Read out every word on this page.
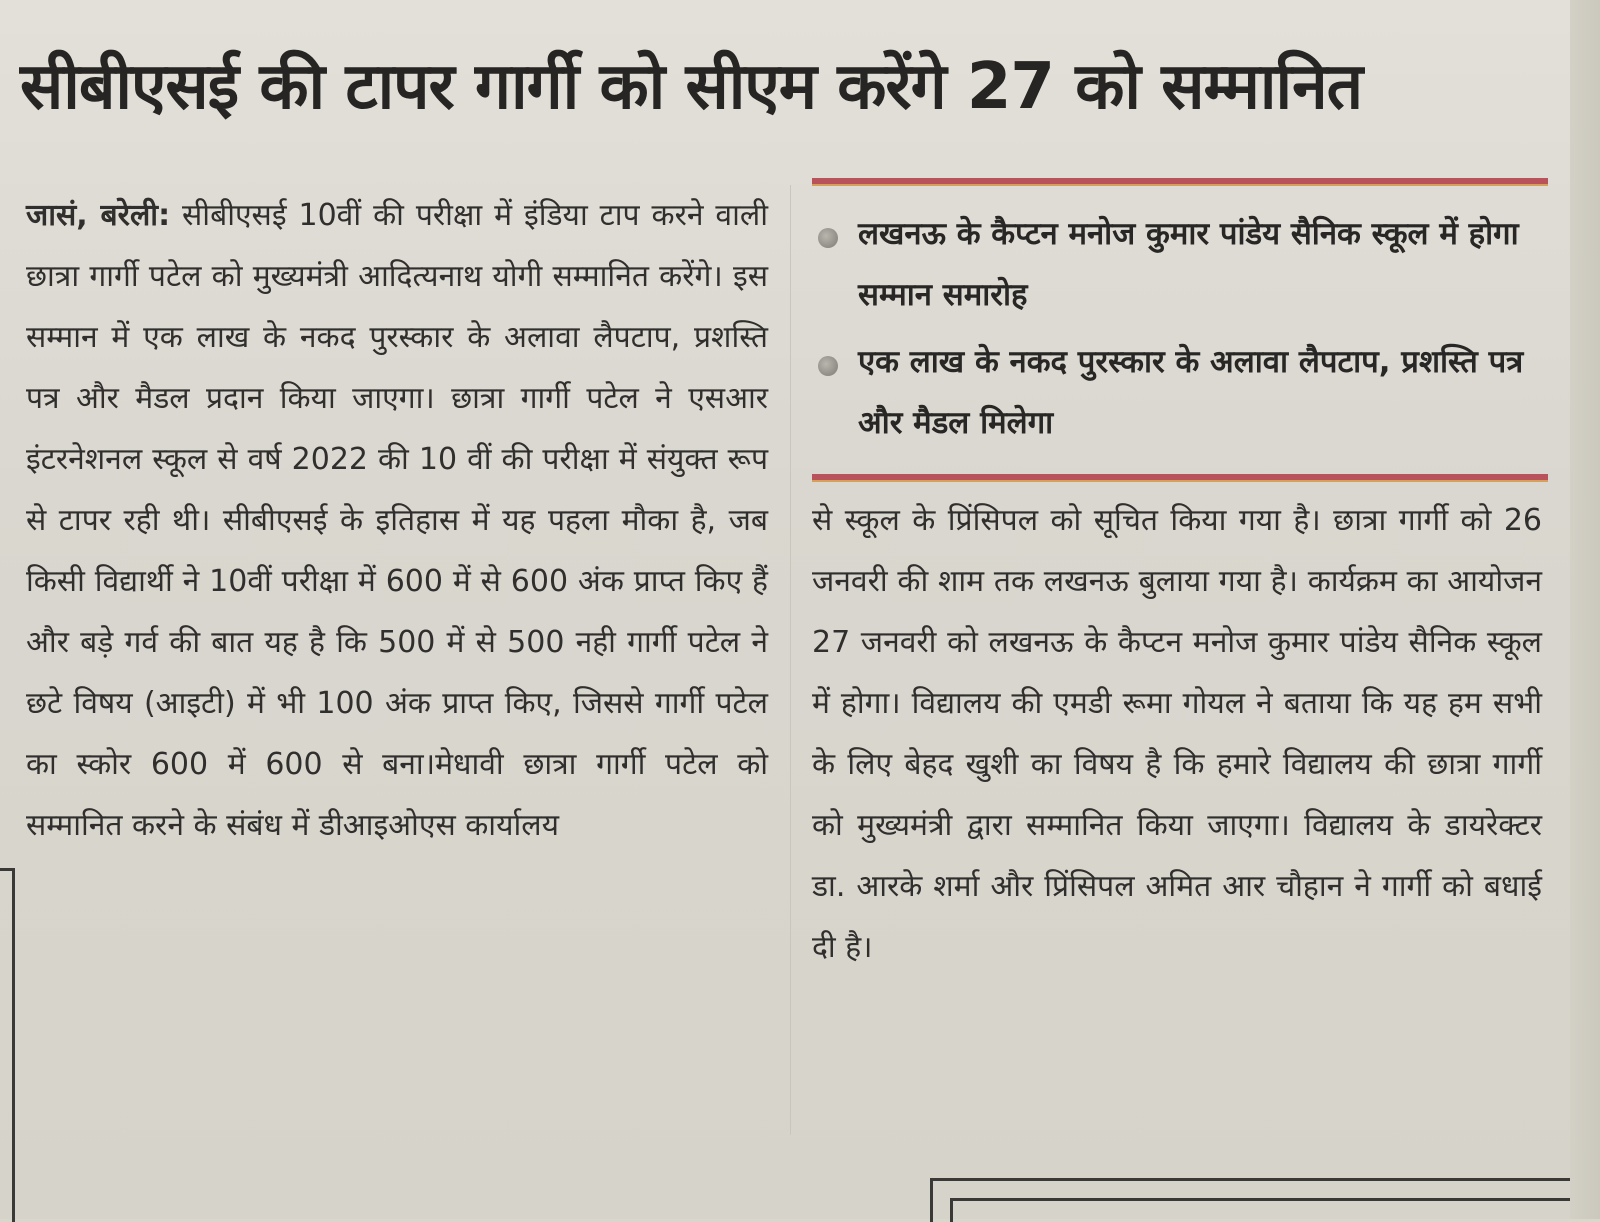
सीबीएसई की टापर गार्गी को सीएम करेंगे 27 को सम्मानित

जासं, बरेली: सीबीएसई 10वीं की परीक्षा में इंडिया टाप करने वाली छात्रा गार्गी पटेल को मुख्यमंत्री आदित्यनाथ योगी सम्मानित करेंगे। इस सम्मान में एक लाख के नकद पुरस्कार के अलावा लैपटाप, प्रशस्ति पत्र और मैडल प्रदान किया जाएगा। छात्रा गार्गी पटेल ने एसआर इंटरनेशनल स्कूल से वर्ष 2022 की 10 वीं की परीक्षा में संयुक्त रूप से टापर रही थी। सीबीएसई के इतिहास में यह पहला मौका है, जब किसी विद्यार्थी ने 10वीं परीक्षा में 600 में से 600 अंक प्राप्त किए हैं और बड़े गर्व की बात यह है कि 500 में से 500 नही गार्गी पटेल ने छटे विषय (आइटी) में भी 100 अंक प्राप्त किए, जिससे गार्गी पटेल का स्कोर 600 में 600 से बना।मेधावी छात्रा गार्गी पटेल को सम्मानित करने के संबंध में डीआइओएस कार्यालय

लखनऊ के कैप्टन मनोज कुमार पांडेय सैनिक स्कूल में होगा सम्मान समारोह
एक लाख के नकद पुरस्कार के अलावा लैपटाप, प्रशस्ति पत्र और मैडल मिलेगा

से स्कूल के प्रिंसिपल को सूचित किया गया है। छात्रा गार्गी को 26 जनवरी की शाम तक लखनऊ बुलाया गया है। कार्यक्रम का आयोजन 27 जनवरी को लखनऊ के कैप्टन मनोज कुमार पांडेय सैनिक स्कूल में होगा। विद्यालय की एमडी रूमा गोयल ने बताया कि यह हम सभी के लिए बेहद खुशी का विषय है कि हमारे विद्यालय की छात्रा गार्गी को मुख्यमंत्री द्वारा सम्मानित किया जाएगा। विद्यालय के डायरेक्टर डा. आरके शर्मा और प्रिंसिपल अमित आर चौहान ने गार्गी को बधाई दी है।
